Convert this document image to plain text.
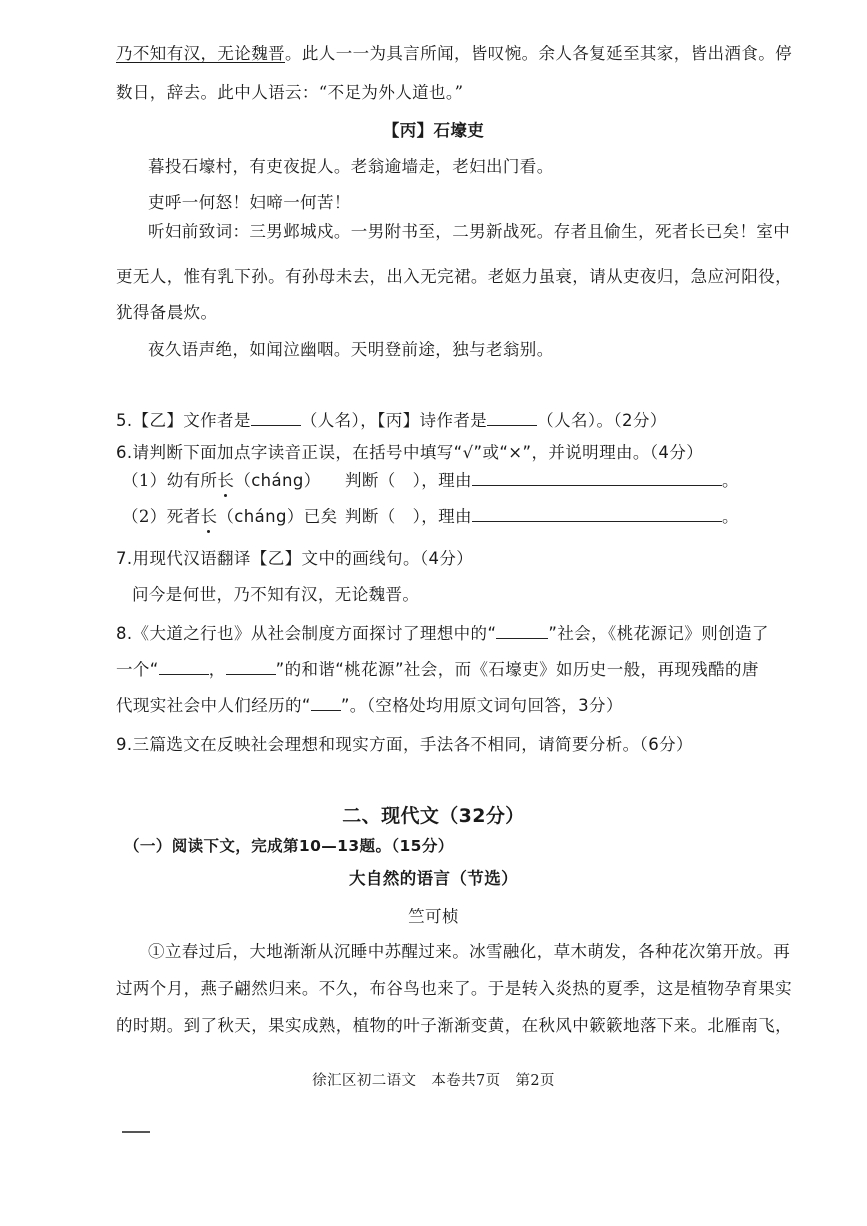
乃不知有汉，无论魏晋。此人一一为具言所闻，皆叹惋。余人各复延至其家，皆出酒食。停
数日，辞去。此中人语云：“不足为外人道也。”
【丙】石壕吏
暮投石壕村，有吏夜捉人。老翁逾墙走，老妇出门看。
吏呼一何怒！妇啼一何苦！
听妇前致词：三男邺城戍。一男附书至，二男新战死。存者且偷生，死者长已矣！室中
更无人，惟有乳下孙。有孙母未去，出入无完裙。老妪力虽衰，请从吏夜归，急应河阳役，
犹得备晨炊。
夜久语声绝，如闻泣幽咽。天明登前途，独与老翁别。
5.【乙】文作者是	（人名），【丙】诗作者是	（人名）。（2分）
6.请判断下面加点字读音正误，在括号中填写“√”或“×”，并说明理由。（4分）
（1）幼有所长（cháng） 判断（　），理由	。
（2）死者长（cháng）已矣 判断（　），理由	。
7.用现代汉语翻译【乙】文中的画线句。（4分）
问今是何世，乃不知有汉，无论魏晋。
8.《大道之行也》从社会制度方面探讨了理想中的“	”社会，《桃花源记》则创造了
一个“	，	”的和谐“桃花源”社会，而《石壕吏》如历史一般，再现残酷的唐
代现实社会中人们经历的“ ”。（空格处均用原文词句回答，3分）
9.三篇选文在反映社会理想和现实方面，手法各不相同，请简要分析。（6分）
二、现代文（32分）
（一）阅读下文，完成第10—13题。（15分）
大自然的语言（节选）
竺可桢
①立春过后，大地渐渐从沉睡中苏醒过来。冰雪融化，草木萌发，各种花次第开放。再
过两个月，燕子翩然归来。不久，布谷鸟也来了。于是转入炎热的夏季，这是植物孕育果实
的时期。到了秋天，果实成熟，植物的叶子渐渐变黄，在秋风中簌簌地落下来。北雁南飞，
徐汇区初二语文　本卷共7页　第2页
